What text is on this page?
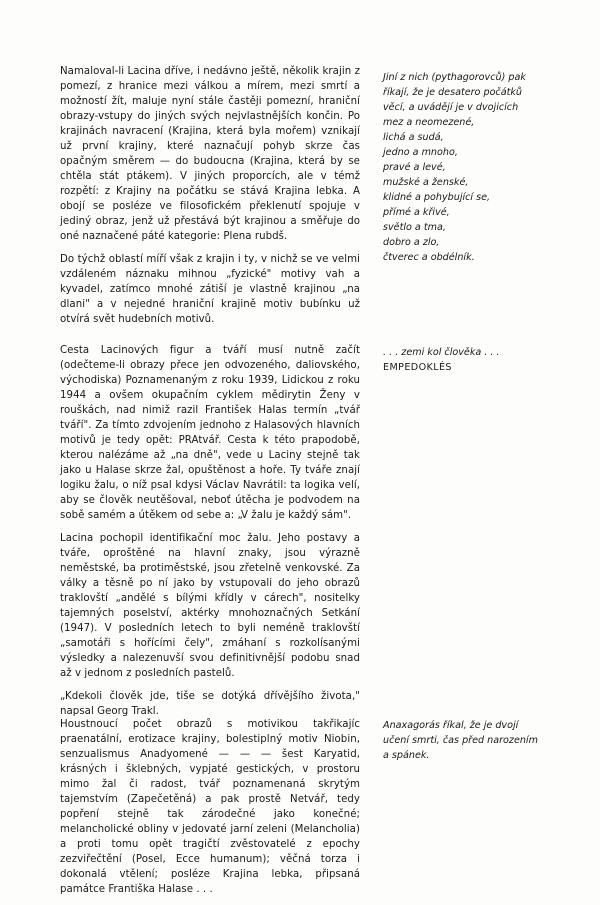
Namaloval-li Lacina dříve, i nedávno ještě, několik krajin z pomezí, z hranice mezi válkou a mírem, mezi smrtí a možností žít, maluje nyní stále častěji pomezní, hraniční obrazy-vstupy do jiných svých nejvlastnějších končin. Po krajinách navracení (Krajina, která byla mořem) vznikají už první krajiny, které naznačují pohyb skrze čas opačným směrem — do budoucna (Krajina, která by se chtěla stát ptákem). V jiných proporcích, ale v témž rozpětí: z Krajiny na počátku se stává Krajina lebka. A obojí se posléze ve filosofickém překlenutí spojuje v jediný obraz, jenž už přestává být krajinou a směřuje do oné naznačené páté kategorie: Plena rubdš.

Do týchž oblastí míří však z krajin i ty, v nichž se ve velmi vzdáleném náznaku mihnou „fyzické" motivy vah a kyvadel, zatímco mnohé zátiší je vlastně krajinou „na dlani" a v nejedné hraniční krajině motiv bubínku už otvírá svět hudebních motivů.

Cesta Lacinových figur a tváří musí nutně začít (odečteme-li obrazy přece jen odvozeného, daliovského, východiska) Poznamenaným z roku 1939, Lidickou z roku 1944 a ovšem okupačním cyklem mědirytin Ženy v rouškách, nad nimiž razil František Halas termín „tvář tváří". Za tímto zdvojením jednoho z Halasových hlavních motivů je tedy opět: PRAtvář. Cesta k této prapodobě, kterou nalézáme až „na dně", vede u Laciny stejně tak jako u Halase skrze žal, opuštěnost a hoře. Ty tváře znají logiku žalu, o níž psal kdysi Václav Navrátil: ta logika velí, aby se člověk neutěšoval, neboť útěcha je podvodem na sobě samém a útěkem od sebe a: „V žalu je každý sám".

Lacina pochopil identifikační moc žalu. Jeho postavy a tváře, oproštěné na hlavní znaky, jsou výrazně neměstské, ba protiměstské, jsou zřetelně venkovské. Za války a těsně po ní jako by vstupovali do jeho obrazů traklovští „andělé s bílými křídly v cárech", nositelky tajemných poselství, aktérky mnohoznačných Setkání (1947). V posledních letech to byli neméně traklovští „samotáři s hořícími čely", zmáhaní s rozkolísanými výsledky a nalezenuvší svou definitivnější podobu snad až v jednom z posledních pastelů.

„Kdekoli člověk jde, tiše se dotýká dřívějšího života," napsal Georg Trakl.

Houstnoucí počet obrazů s motivikou takřikajíc praenatální, erotizace krajiny, bolestiplný motiv Niobin, senzualismus Anadyomené — — — šest Karyatid, krásných i šklebných, vypjaté gestických, v prostoru mimo žal či radost, tvář poznamenaná skrytým tajemstvím (Zapečetěná) a pak prostě Netvář, tedy popření stejně tak zárodečné jako konečné; melancholické obliny v jedovaté jarní zeleni (Melancholia) a proti tomu opět tragičtí zvěstovatelé z epochy zezviřečtění (Posel, Ecce humanum); věčná torza i dokonalá vtělení; posléze Krajina lebka, připsaná památce Františka Halase . . .

Jiní z nich (pythagorovců) pak
říkají, že je desatero počátků
věcí, a uvádějí je v dvojicích
mez a neomezené,
lichá a sudá,
jedno a mnoho,
pravé a levé,
mužské a ženské,
klidné a pohybující se,
přímé a křivé,
světlo a tma,
dobro a zlo,
čtverec a obdélník.
. . . zemi kol člověka . . .
EMPEDOKLÉS
Anaxagorás říkal, že je dvojí
učení smrti, čas před narozením
a spánek.
